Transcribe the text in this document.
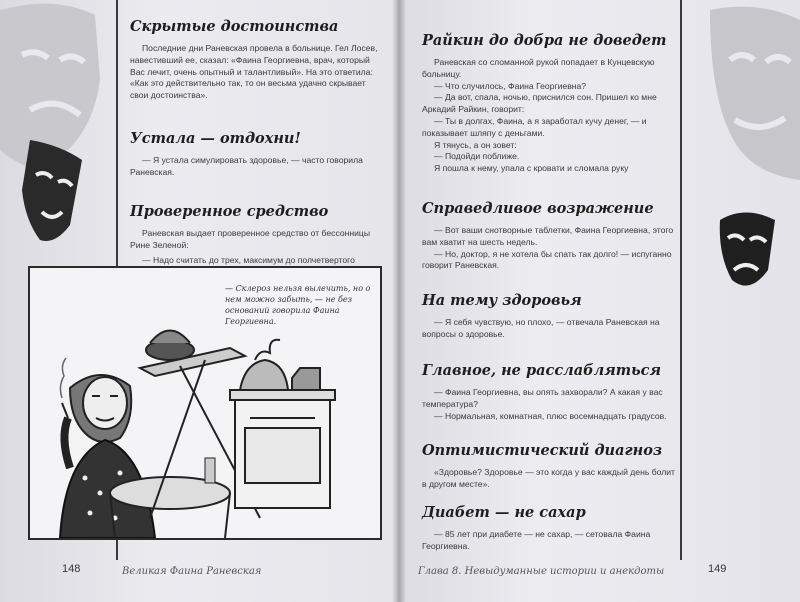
Скрытые достоинства

Последние дни Раневская провела в больнице. Гел Лосев, навестивший ее, сказал: «Фаина Георгиевна, врач, который Вас лечит, очень опытный и талантливый». На это ответила: «Как это действительно так, то он весьма удачно скрывает свои достоинства».

Устала — отдохни!

— Я устала симулировать здоровье, — часто говорила Раневская.

Проверенное средство

Раневская выдает проверенное средство от бессонницы Рине Зеленой:

— Надо считать до трех, максимум до полчетвертого

— Склероз нельзя вылечить, но о нем можно забыть, — не без оснований говорила Фаина Георгиевна.
148	Великая Фаина Раневская
Райкин до добра не доведет

Раневская со сломанной рукой попадает в Кунцевскую больницу.

— Что случилось, Фаина Георгиевна?

— Да вот, спала, ночью, приснился сон. Пришел ко мне Аркадий Райкин, говорит:

— Ты в долгах, Фаина, а я заработал кучу денег, — и показывает шляпу с деньгами.

Я тянусь, а он зовет:

— Подойди поближе.

Я пошла к нему, упала с кровати и сломала руку

Справедливое возражение

— Вот ваши снотворные таблетки, Фаина Георгиевна, этого вам хватит на шесть недель.

— Но, доктор, я не хотела бы спать так долго! — испуганно говорит Раневская.

На тему здоровья

— Я себя чувствую, но плохо, — отвечала Раневская на вопросы о здоровье.

Главное, не расслабляться

— Фаина Георгиевна, вы опять захворали? А какая у вас температура?

— Нормальная, комнатная, плюс восемнадцать градусов.

Оптимистический диагноз

«Здоровье? Здоровье — это когда у вас каждый день болит в другом месте».

Диабет — не сахар

— 85 лет при диабете — не сахар, — сетовала Фаина Георгиевна.

Глава 8. Невыдуманные истории и анекдоты	149
